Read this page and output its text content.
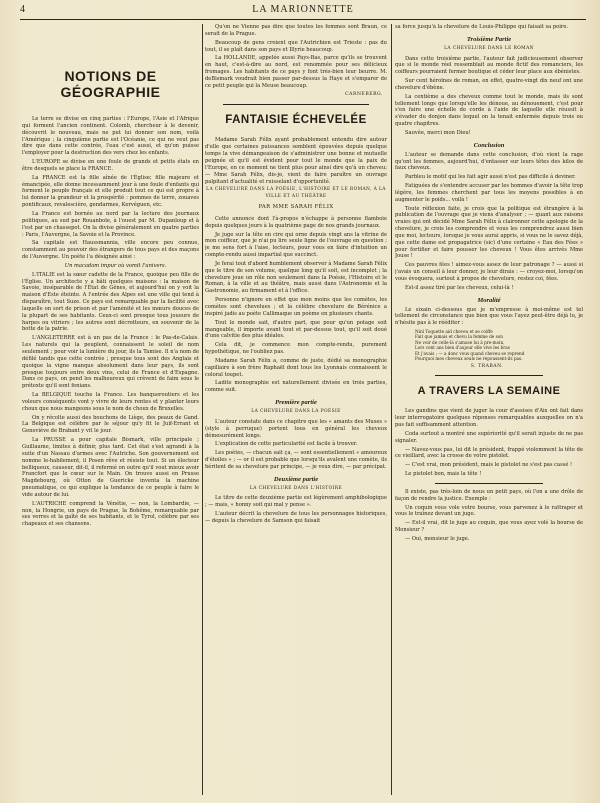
4	LA MARIONNETTE
NOTIONS DE GÉOGRAPHIE

Le terre se divise en cinq parties : l'Europe, l'Asie et l'Afrique qui forment l'ancien continent. Colomb, chercheur à le devenir, découvrit le nouveau, mais ne put lui donner son nom, voilà l'Amérique ; la cinquième partie est l'Océanie, ce qui ne veut pas dire que dans cette contrée, l'eau c'est aussi, et qu'on puisse l'employer pour la destruction des vers chez les enfants.

L'EUROPE se divise en une foule de grands et petits états en être desquels se place la FRANCE.

La FRANCE est la fille aînée de l'Église; fille majeure et émancipée, elle donne incessamment jour à une foule d'enfants qui forment le peuple français et elle produit tout ce qui est propre à lui donner la grandeur et la prospérité : pommes de terre, zouaves pontificaux, revalescière, gendarmes, Kervéguen, etc.

La France est bornée au nord par la lecture des journaux politiques, au sud par Rouanbole, à l'ouest par M. Dupanloup et à l'est par un chassepot. On la divise généralement en quatre parties : Paris, l'Auvergne, la Savoie et la Province.

Sa capitale est Haussmannia, ville encore peu connue, constamment au pouvoir des étrangers de tous pays et des maçons de l'Auvergne. Un poète l'a désignée ainsi :

Un macadam impur où vomit l'univers.

L'ITALIE est la sœur cadette de la France, quoique peu fille de l'Église. Un architecte y a bâti quelques maisons : la maison de Savoie, inséparable de l'État de Gênes, et aujourd'hui on y voit la maison d'Este éteinte. A l'entrée des Alpes est une ville qui tend à disparaître, tout Suze. Ce pays est remarquable par la facilité avec laquelle on sort de prison et par l'aménité et les mœurs douces de la plupart de ses habitants. Ceux-ci sont presque tous joueurs de harpes ou vitriers ; les autres sont décrotteurs, en souvenir de la botte de la patrie.

L'ANGLETERRE est à un pas de la France : le Pas-de-Calais. Les naturels qui la peuplent, connaissent le soleil de nom seulement ; pour voir la lumière du jour, ils la Tamise. Il n'a nom de défilé tandis que cette contrée ; presque tous sont des Anglais et quoique la vigne manque absolument dans leur pays, ils sont presque toujours entre deux vins, celui de France et d'Espagne. Dans ce pays, on pend les malheureux qui crèvent de faim sous le prétexte qu'il sont fenians.

La BELGIQUE touche la France. Les banqueroutiers et les voleurs conséquents vont y vivre de leurs rentes et y planter leurs choux que nous mangeons sous le nom de choux de Bruxelles.

On y récolte aussi des bouchons de Liège, des peaux de Gand. La Belgique est célèbre par le séjour qu'y fit le Juif-Errant et Geneviève de Brabant y vit le jour.

La PRUSSE a pour capitale Bismark, ville principale ; Guillaume, limites à définir, plus tard. Cet état s'est agrandi à la suite d'un Nassau d'armes avec l'Autriche. Son gouvernement est nomme le-habilement, il Posen rêve et résiste tout. Si un électeur belliqueux, causeur, dit-il, il refermé on outre qu'il vout mieux avoir Francfort que le cœur sur le Main. On trouve aussi en Prusse Magdebourg, où Otton de Guericke inventa la machine pneumatique, ce qui explique la tendance de ce peuple à faire le vide autour de lui.

L'AUTRICHE comprend la Vénétie, — non, la Lombardie, — non, la Hongrie, un pays de Prague, la Bohême, remarquable par ses verres et la gaîté de ses habitants, et le Tyrol, célèbre par ses chapeaux et ses chansons.

Qu'on ne Vienne pas dire que toutes les femmes sont Braun, ce serait de la Prague.

Beaucoup de gens croient que l'Autrichien est Trieste : pas du tout, il se plaît dans son pays et Illyrie beaucoup.

La HOLLANDE, appelée aussi Pays-Bas, parce qu'ils se trouvent en haut, c'est-à-dire au nord, est renommée pour ses délicieux fromages. Les habitants de ce pays y font très-bien leur beurre. M. deBismark voudrait bien passer par-dessus la Haye et s'emparer de ce petit peuple qui la Meuse beaucoup.

CARNEBERG.
FANTAISIE ÉCHEVELÉE

Madame Sarah Félix ayant probablement entendu dire autour d'elle que certaines puissances semblent épouvées depuis quelque temps la vive démangeaison de s'administrer une bonne et mutuelle peignée et qu'il est évident pour tout le monde que la paix de l'Europe, en ce moment ne tient plus pour ainsi dire qu'à un cheveu; — Mme Sarah Félix, dis-je, vient de faire paraître un ouvrage palpitant d'actualité et ruisselant d'opportunité.

LA CHEVELURE DANS LA POÉSIE, L'HISTOIRE ET LE ROMAN, À LA VILLE ET AU THÉÂTRE

PAR MME SARAH FÉLIX

Cette annonce dont l'à-propos n'échappe à personne flamboie depuis quelques jours à la quatrième page de nos grands journaux.

Je juge sur la tête en cire qui orne depuis vingt ans la vitrine de mon coiffeur, que je n'ai pu lire seule ligne de l'ouvrage en question ; je me sens fort à l'aise, lecteurs, pour vous en faire d'intuition un compte-rendu aussi impartial que succinct.

Je ferai tout d'abord humblement observer à Madame Sarah Félix que le titre de son volume, quelque long qu'il soit, est incomplet ; la chevelure joue un rôle non seulement dans la Poésie, l'Histoire et le Roman, à la ville et au théâtre, mais aussi dans l'Astronomie et la Gastronomie, au firmament et à l'office.

Personne n'ignore en effet que mon moins que les comètes, les comètes sont chevelues ; et la célèbre chevelure de Bérénice a inspiré jadis au poète Callimaque un poème en plusieurs chants.

Tout le monde sait, d'autre part, que pour qu'un potage soit mangeable, il importe avant tout et par-dessus tout, qu'il soit doué d'une calvitie des plus idéales.

Cela dit, je commence mon compte-rendu, purement hypothétique, ne l'oubliez pas.

Madame Sarah Félix a, comme de juste, dédié sa monographie capillaire à son frère Raphaël dont tous les Lyonnais connaissent le coloral toupet.

Ladite monographie est naturellement divisée en trois parties, comme suit.

Première partie

LA CHEVELURE DANS LA POÉSIE

L'auteur constate dans ce chapitre que les « amants des Muses » (style à perruque) portent tous en général les cheveux démesurément longs.

L'explication de cette particularité est facile à trouver.

Les poètes, — chacun sait ça, — sont essentiellement « amoureux d'étoiles » ; — or il est probable que lorsqu'ils avalent une comète, ils héritent de sa chevelure par principe, — je veux dire, — par précipat.

Deuxième partie

LA CHEVELURE DANS L'HISTOIRE

Le titre de cette deuxième partie est légèrement amphibologique ; — mais, « honny soit qui mal y pense ».

L'auteur décrit la chevelure de tous les personnages historiques, — depuis la chevelure de Samson qui faisait

sa force jusqu'à la chevelure de Louis-Philippe qui faisait sa poire.

Troisième Partie

LA CHEVELURE DANS LE ROMAN

Dans cette troisième partie, l'auteur fait judicieusement observer que si le monde réel ressemblait au monde fictif des romanciers, les coiffeurs pourraient fermer boutique et céder leur place aux ébénistes.

Sur cent héroïnes de roman, en effet, quatre-vingt dix neuf ont une chevelure d'ébène.

La centième a des cheveux comme tout le monde, mais ils sont tellement longs que lorsqu'elle les dénoue, au dénouement, c'est pour s'en faire une échelle de corde à l'aide de laquelle elle réussit à s'évader du donjon dans lequel on la tenait enfermée depuis trois ou quatre chapitres.

Sauvée, merci mon Dieu!

Conclusion

L'auteur se demande dans cette conclusion, d'où vient la rage qu'ont les femmes, aujourd'hui, d'entasser sur leurs têtes des kilos de faux cheveux.

Parbleu le motif qui les fait agir aussi n'est pas difficile à deviner.

Fatiguées de s'entendre accuser par les hommes d'avoir la tête trop légère, les femmes cherchent par tous les moyens possibles à en augmenter le poids... voilà !

Toute réflexion faite, je crois que la politique est étrangère à la publication de l'ouvrage que je viens d'analyser ; — quant aux raisons vraies qui ont décidé Mme Sarah Félix à claironner cette apologie de la chevelure, je crois les comprendre et vous les comprendrez aussi bien que moi, lecteurs, lorsque je vous aurai appris, si vous ne le savez déjà, que cette dame est propagatrice (sic) d'une certaine « Eau des Fées » pour fortifier et faire pousser les cheveux ! Vous êtes arrivés Mme Jouse !

Ces pauvres fées ! aimez-vous assez de leur patronage ? — aussi si j'avais un conseil à leur donner, je leur dirais : — croyez-moi, lorsqu'on vous évoquera, surtout à propos de chevelure, restez coi, fées.

Est-il assez tiré par les cheveux, celui-là !

Moralité

Le sixain ci-dessous que je m'empresse à moi-même est tel tellement de circonstance que bien que vous l'ayez peut-être déjà lu, je n'hésite pas à le rééditer :

Ninl Toquette aid cheveu et se coiffe
Fait que jamais et chevu la femme de son
Ne voir de celle-là s'amuse lui à pre-moin,
Lors cent ans bien d'aujour elle vive les bras
Et j'avais ; — a donc vous quand cheveu se reprend
Pourquoi mes cheveux seuls ne repoussent-ils pas.
S. TRABAN.
A TRAVERS LA SEMAINE

Les gandins que vient de juger la cour d'assises d'Aix ont fait dans leur interrogatoire quelques réponses remarquables auxquelles on n'a pas fait suffisamment attention.

Coda surtout a montré une supériorité qu'il serait injuste de ne pas signaler.

— Navez-vous pas, lui dit le président, frappé violemment la tête de ce vieillard, avec la crosse de votre pistolet.

— C'est vrai, mon président, mais le pistolet ne s'est pas cassé !

Le pistolet bon, mais la tête !

Il existe, pas très-loin de nous un petit pays, où l'on a une drôle de façon de rendre la justice. Exemple :

Un coquin vous vole votre bourse, vous parvenez à le rattraper et vous le traînez devant un juge.

— Est-il vrai, dit le juge au coquin, que vous ayez volé la bourse de Monsieur ?

— Oui, monsieur le juge.
